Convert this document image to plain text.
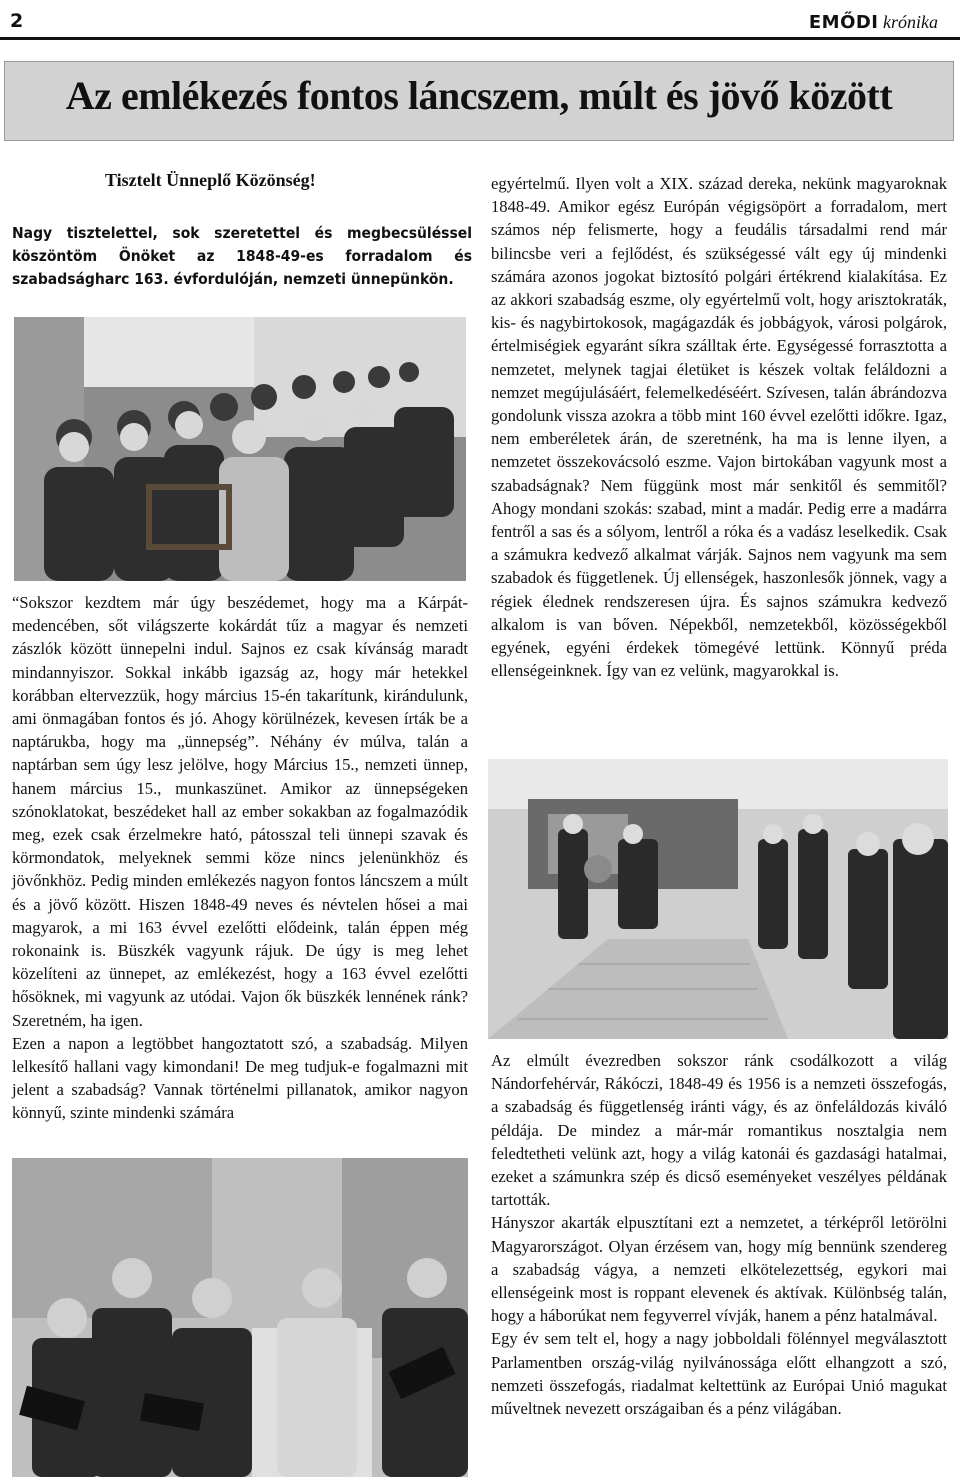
2	EMŐDI krónika
Az emlékezés fontos láncszem, múlt és jövő között
Tisztelt Ünneplő Közönség!
Nagy tisztelettel, sok szeretettel és megbecsüléssel köszöntöm Önöket az 1848-49-es forradalom és szabadságharc 163. évfordulóján, nemzeti ünnepünkön.

“Sokszor kezdtem már úgy beszédemet, hogy ma a Kárpát-medencében, sőt világszerte kokárdát tűz a magyar és nemzeti zászlók között ünnepelni indul. Sajnos ez csak kívánság maradt mindannyiszor. Sokkal inkább igazság az, hogy már hetekkel korábban eltervezzük, hogy március 15-én takarítunk, kirándulunk, ami önmagában fontos és jó. Ahogy körülnézek, kevesen írták be a naptárukba, hogy ma „ünnepség”. Néhány év múlva, talán a naptárban sem úgy lesz jelölve, hogy Március 15., nemzeti ünnep, hanem március 15., munkaszünet. Amikor az ünnepségeken szónoklatokat, beszédeket hall az ember sokakban az fogalmazódik meg, ezek csak érzelmekre ható, pátosszal teli ünnepi szavak és körmondatok, melyeknek semmi köze nincs jelenünkhöz és jövőnkhöz. Pedig minden emlékezés nagyon fontos láncszem a múlt és a jövő között. Hiszen 1848-49 neves és névtelen hősei a mai magyarok, a mi 163 évvel ezelőtti elődeink, talán éppen még rokonaink is. Büszkék vagyunk rájuk. De úgy is meg lehet közelíteni az ünnepet, az emlékezést, hogy a 163 évvel ezelőtti hősöknek, mi vagyunk az utódai. Vajon ők büszkék lennének ránk? Szeretném, ha igen.

Ezen a napon a legtöbbet hangoztatott szó, a szabadság. Milyen lelkesítő hallani vagy kimondani! De meg tudjuk-e fogalmazni mit jelent a szabadság? Vannak történelmi pillanatok, amikor nagyon könnyű, szinte mindenki számára

egyértelmű. Ilyen volt a XIX. század dereka, nekünk magyaroknak 1848-49. Amikor egész Európán végigsöpört a forradalom, mert számos nép felismerte, hogy a feudális társadalmi rend már bilincsbe veri a fejlődést, és szükségessé vált egy új mindenki számára azonos jogokat biztosító polgári értékrend kialakítása. Ez az akkori szabadság eszme, oly egyértelmű volt, hogy arisztokraták, kis- és nagybirtokosok, magágazdák és jobbágyok, városi polgárok, értelmiségiek egyaránt síkra szálltak érte. Egységessé forrasztotta a nemzetet, melynek tagjai életüket is készek voltak feláldozni a nemzet megújulásáért, felemelkedéséért. Szívesen, talán ábrándozva gondolunk vissza azokra a több mint 160 évvel ezelőtti időkre. Igaz, nem emberéletek árán, de szeretnénk, ha ma is lenne ilyen, a nemzetet összekovácsoló eszme. Vajon birtokában vagyunk most a szabadságnak? Nem függünk most már senkitől és semmitől? Ahogy mondani szokás: szabad, mint a madár. Pedig erre a madárra fentről a sas és a sólyom, lentről a róka és a vadász leselkedik. Csak a számukra kedvező alkalmat várják. Sajnos nem vagyunk ma sem szabadok és függetlenek. Új ellenségek, haszonlesők jönnek, vagy a régiek élednek rendszeresen újra. És sajnos számukra kedvező alkalom is van bőven. Népekből, nemzetekből, közösségekből egyének, egyéni érdekek tömegévé lettünk. Könnyű préda ellenségeinknek. Így van ez velünk, magyarokkal is.

Az elmúlt évezredben sokszor ránk csodálkozott a világ Nándorfehérvár, Rákóczi, 1848-49 és 1956 is a nemzeti összefogás, a szabadság és függetlenség iránti vágy, és az önfeláldozás kiváló példája. De mindez a már-már romantikus nosztalgia nem feledtetheti velünk azt, hogy a világ katonái és gazdasági hatalmai, ezeket a számunkra szép és dicső eseményeket veszélyes példának tartották.

Hányszor akarták elpusztítani ezt a nemzetet, a térképről letörölni Magyarországot. Olyan érzésem van, hogy míg bennünk szendereg a szabadság vágya, a nemzeti elkötelezettség, egykori mai ellenségeink most is roppant elevenek és aktívak. Különbség talán, hogy a háborúkat nem fegyverrel vívják, hanem a pénz hatalmával.

Egy év sem telt el, hogy a nagy jobboldali fölénnyel megválasztott Parlamentben ország-világ nyilvánossága előtt elhangzott a szó, nemzeti összefogás, riadalmat keltettünk az Európai Unió magukat műveltnek nevezett országaiban és a pénz világában.
